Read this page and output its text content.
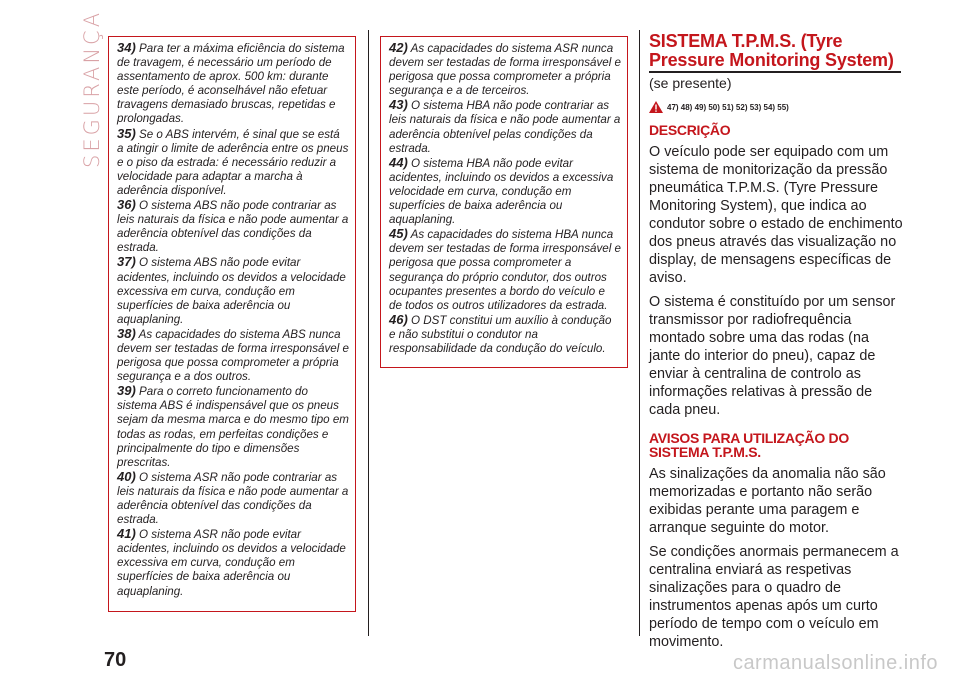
SEGURANÇA 34) Para ter a máxima eficiência do sistema de travagem, é necessário um período de assentamento de aprox. 500 km: durante este período, é aconselhável não efetuar travagens demasiado bruscas, repetidas e prolongadas.

35) Se o ABS intervém, é sinal que se está a atingir o limite de aderência entre os pneus e o piso da estrada: é necessário reduzir a velocidade para adaptar a marcha à aderência disponível.

36) O sistema ABS não pode contrariar as leis naturais da física e não pode aumentar a aderência obtenível das condições da estrada.

37) O sistema ABS não pode evitar acidentes, incluindo os devidos a velocidade excessiva em curva, condução em superfícies de baixa aderência ou aquaplaning.

38) As capacidades do sistema ABS nunca devem ser testadas de forma irresponsável e perigosa que possa comprometer a própria segurança e a dos outros.

39) Para o correto funcionamento do sistema ABS é indispensável que os pneus sejam da mesma marca e do mesmo tipo em todas as rodas, em perfeitas condições e principalmente do tipo e dimensões prescritas.

40) O sistema ASR não pode contrariar as leis naturais da física e não pode aumentar a aderência obtenível das condições da estrada.

41) O sistema ASR não pode evitar acidentes, incluindo os devidos a velocidade excessiva em curva, condução em superfícies de baixa aderência ou aquaplaning.

42) As capacidades do sistema ASR nunca devem ser testadas de forma irresponsável e perigosa que possa comprometer a própria segurança e a de terceiros.

43) O sistema HBA não pode contrariar as leis naturais da física e não pode aumentar a aderência obtenível pelas condições da estrada.

44) O sistema HBA não pode evitar acidentes, incluindo os devidos a excessiva velocidade em curva, condução em superfícies de baixa aderência ou aquaplaning.

45) As capacidades do sistema HBA nunca devem ser testadas de forma irresponsável e perigosa que possa comprometer a segurança do próprio condutor, dos outros ocupantes presentes a bordo do veículo e de todos os outros utilizadores da estrada.

46) O DST constitui um auxílio à condução e não substitui o condutor na responsabilidade da condução do veículo.

SISTEMA T.P.M.S. (Tyre
Pressure Monitoring System)
(se presente)
47) 48) 49) 50) 51) 52) 53) 54) 55)
DESCRIÇÃO

O veículo pode ser equipado com um sistema de monitorização da pressão pneumática T.P.M.S. (Tyre Pressure Monitoring System), que indica ao condutor sobre o estado de enchimento dos pneus através das visualização no display, de mensagens específicas de aviso.

O sistema é constituído por um sensor transmissor por radiofrequência montado sobre uma das rodas (na jante do interior do pneu), capaz de enviar à centralina de controlo as informações relativas à pressão de cada pneu.

AVISOS PARA UTILIZAÇÃO DO
SISTEMA T.P.M.S.

As sinalizações da anomalia não são memorizadas e portanto não serão exibidas perante uma paragem e arranque seguinte do motor.

Se condições anormais permanecem a centralina enviará as respetivas sinalizações para o quadro de instrumentos apenas após um curto período de tempo com o veículo em movimento.

70	carmanualsonline.info
